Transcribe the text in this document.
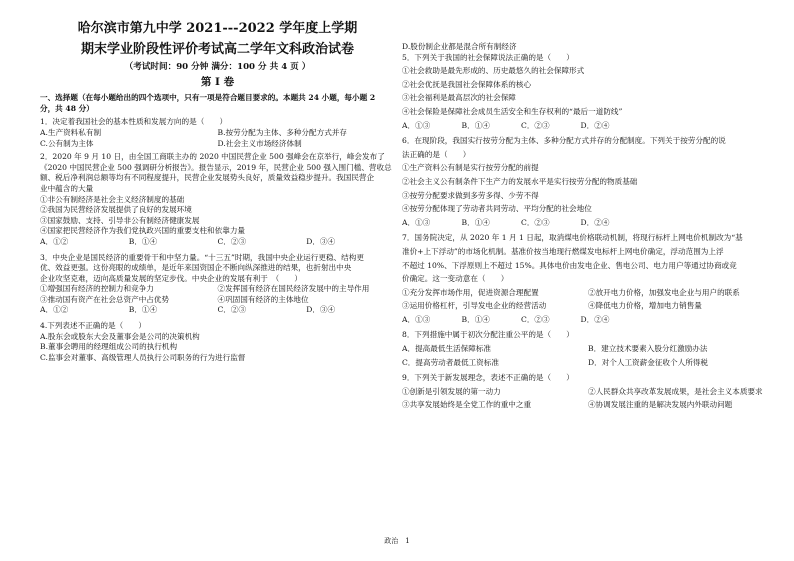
哈尔滨市第九中学 2021---2022 学年度上学期
期末学业阶段性评价考试高二学年文科政治试卷
（考试时间：90 分钟 满分：100 分 共 4 页 ）
第 I 卷
一、选择题（在每小题给出的四个选项中，只有一项是符合题目要求的。本题共 24 小题，每小题 2
分，共 48 分）
1．决定着我国社会的基本性质和发展方向的是（　　）
A.生产资料私有制	B.按劳分配为主体、多种分配方式并存
C.公有制为主体	D.社会主义市场经济体制
2．2020 年 9 月 10 日，由全国工商联主办的 2020 中国民营企业 500 强峰会在京举行，峰会发布了
《2020 中国民营企业 500 强调研分析报告》。报告显示，2019 年，民营企业 500 强入围门槛、营收总
额、税后净利润总额等均有不同程度提升，民营企业发展势头良好，质量效益稳步提升。我国民营企
业中蕴含的大量
①非公有制经济是社会主义经济制度的基础
②我国为民营经济发展提供了良好的发展环境
③国家鼓励、支持、引导非公有制经济健康发展
④国家把民营经济作为我们党执政兴国的重要支柱和依靠力量
A．①②	B．①④	C．②③	D．③④
3．中央企业是国民经济的重要骨干和中坚力量。“十三五”时期，我国中央企业运行更稳、结构更
优、效益更强。这份亮眼的成绩单，是近年来国资国企不断向纵深推进的结果，也折射出中央
企业攻坚克难，迈向高质量发展的坚定步伐。中央企业的发展有利于　（　　）
①增强国有经济的控制力和竞争力	②发挥国有经济在国民经济发展中的主导作用
③推动国有资产在社会总资产中占优势	④巩固国有经济的主体地位
A．①②	B．①④	C．②③	D．③④
4.下列表述不正确的是（　　）
A.股东会或股东大会及董事会是公司的决策机构
B.董事会聘用的经理组成公司的执行机构
C.监事会对董事、高级管理人员执行公司职务的行为进行监督
D.股份制企业都是混合所有制经济
5．下列关于我国的社会保障说法正确的是（　　）
①社会救助是最先形成的、历史最悠久的社会保障形式
②社会优抚是我国社会保障体系的核心
③社会福利是最高层次的社会保障
④社会保险是保障社会成员生活安全和生存权利的“最后一道防线”
A．①③	B．①④	C．②③	D．②④
6．在现阶段，我国实行按劳分配为主体、多种分配方式并存的分配制度。下列关于按劳分配的说
法正确的是（　　）
①生产资料公有制是实行按劳分配的前提
②社会主义公有制条件下生产力的发展水平是实行按劳分配的物质基础
③按劳分配要求做到多劳多得、少劳不得
④按劳分配体现了劳动者共同劳动、平均分配的社会地位
A．①③	B．①④	C．②③	D．②④
7．国务院决定，从 2020 年 1 月 1 日起，取消煤电价格联动机制，将现行标杆上网电价机制改为“基
准价+上下浮动”的市场化机制。基准价按当地现行燃煤发电标杆上网电价确定，浮动范围为上浮
不超过 10%、下浮原则上不超过 15%。具体电价由发电企业、售电公司、电力用户等通过协商或竞
价确定。这一变动意在（　　）
①充分发挥市场作用，促进资源合理配置	②放开电力价格，加强发电企业与用户的联系
③运用价格杠杆，引导发电企业的经营活动	④降低电力价格，增加电力销售量
A．①③	B．①④	C．②③	D．②④
8．下列措施中属于初次分配注重公平的是（　　）
A．提高最低生活保障标准	B．建立技术要素入股分红激励办法
C．提高劳动者最低工资标准	D．对个人工资薪金征收个人所得税
9．下列关于新发展理念，表述不正确的是（　　）
①创新是引领发展的第一动力	②人民群众共享改革发展成果，是社会主义本质要求
③共享发展始终是全党工作的重中之重	④协调发展注重的是解决发展内外联动问题
政治　1
